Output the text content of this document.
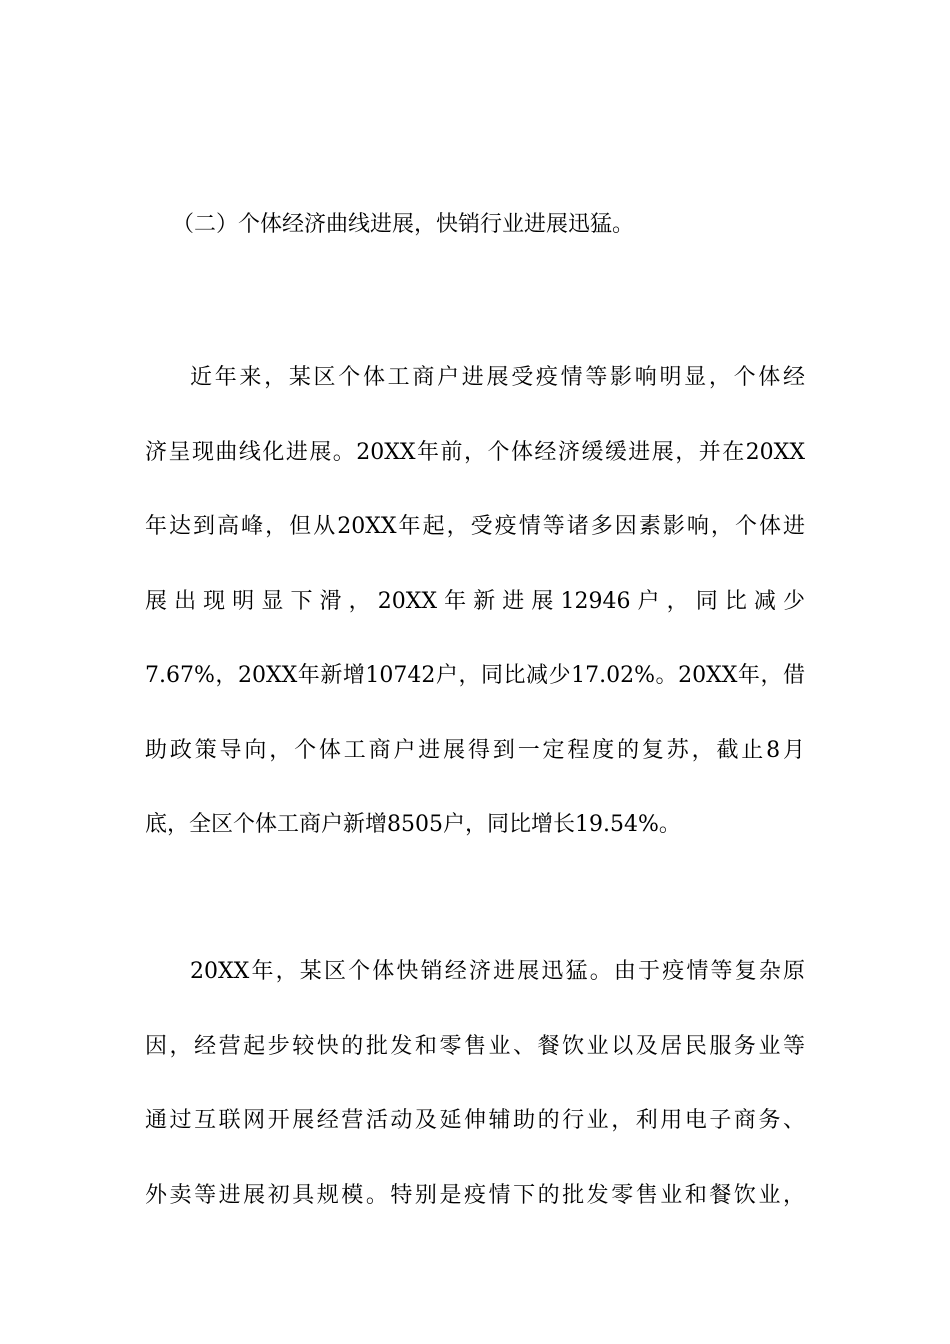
（二）个体经济曲线进展，快销行业进展迅猛。
近年来，某区个体工商户进展受疫情等影响明显，个体经
济呈现曲线化进展。20XX年前，个体经济缓缓进展，并在20XX
年达到高峰，但从20XX年起，受疫情等诸多因素影响，个体进
展出现明显下滑，20XX年新进展12946户，同比减少
7.67%，20XX年新增10742户，同比减少17.02%。20XX年，借
助政策导向，个体工商户进展得到一定程度的复苏，截止8月
底，全区个体工商户新增8505户，同比增长19.54%。
20XX年，某区个体快销经济进展迅猛。由于疫情等复杂原
因，经营起步较快的批发和零售业、餐饮业以及居民服务业等
通过互联网开展经营活动及延伸辅助的行业，利用电子商务、
外卖等进展初具规模。特别是疫情下的批发零售业和餐饮业，
